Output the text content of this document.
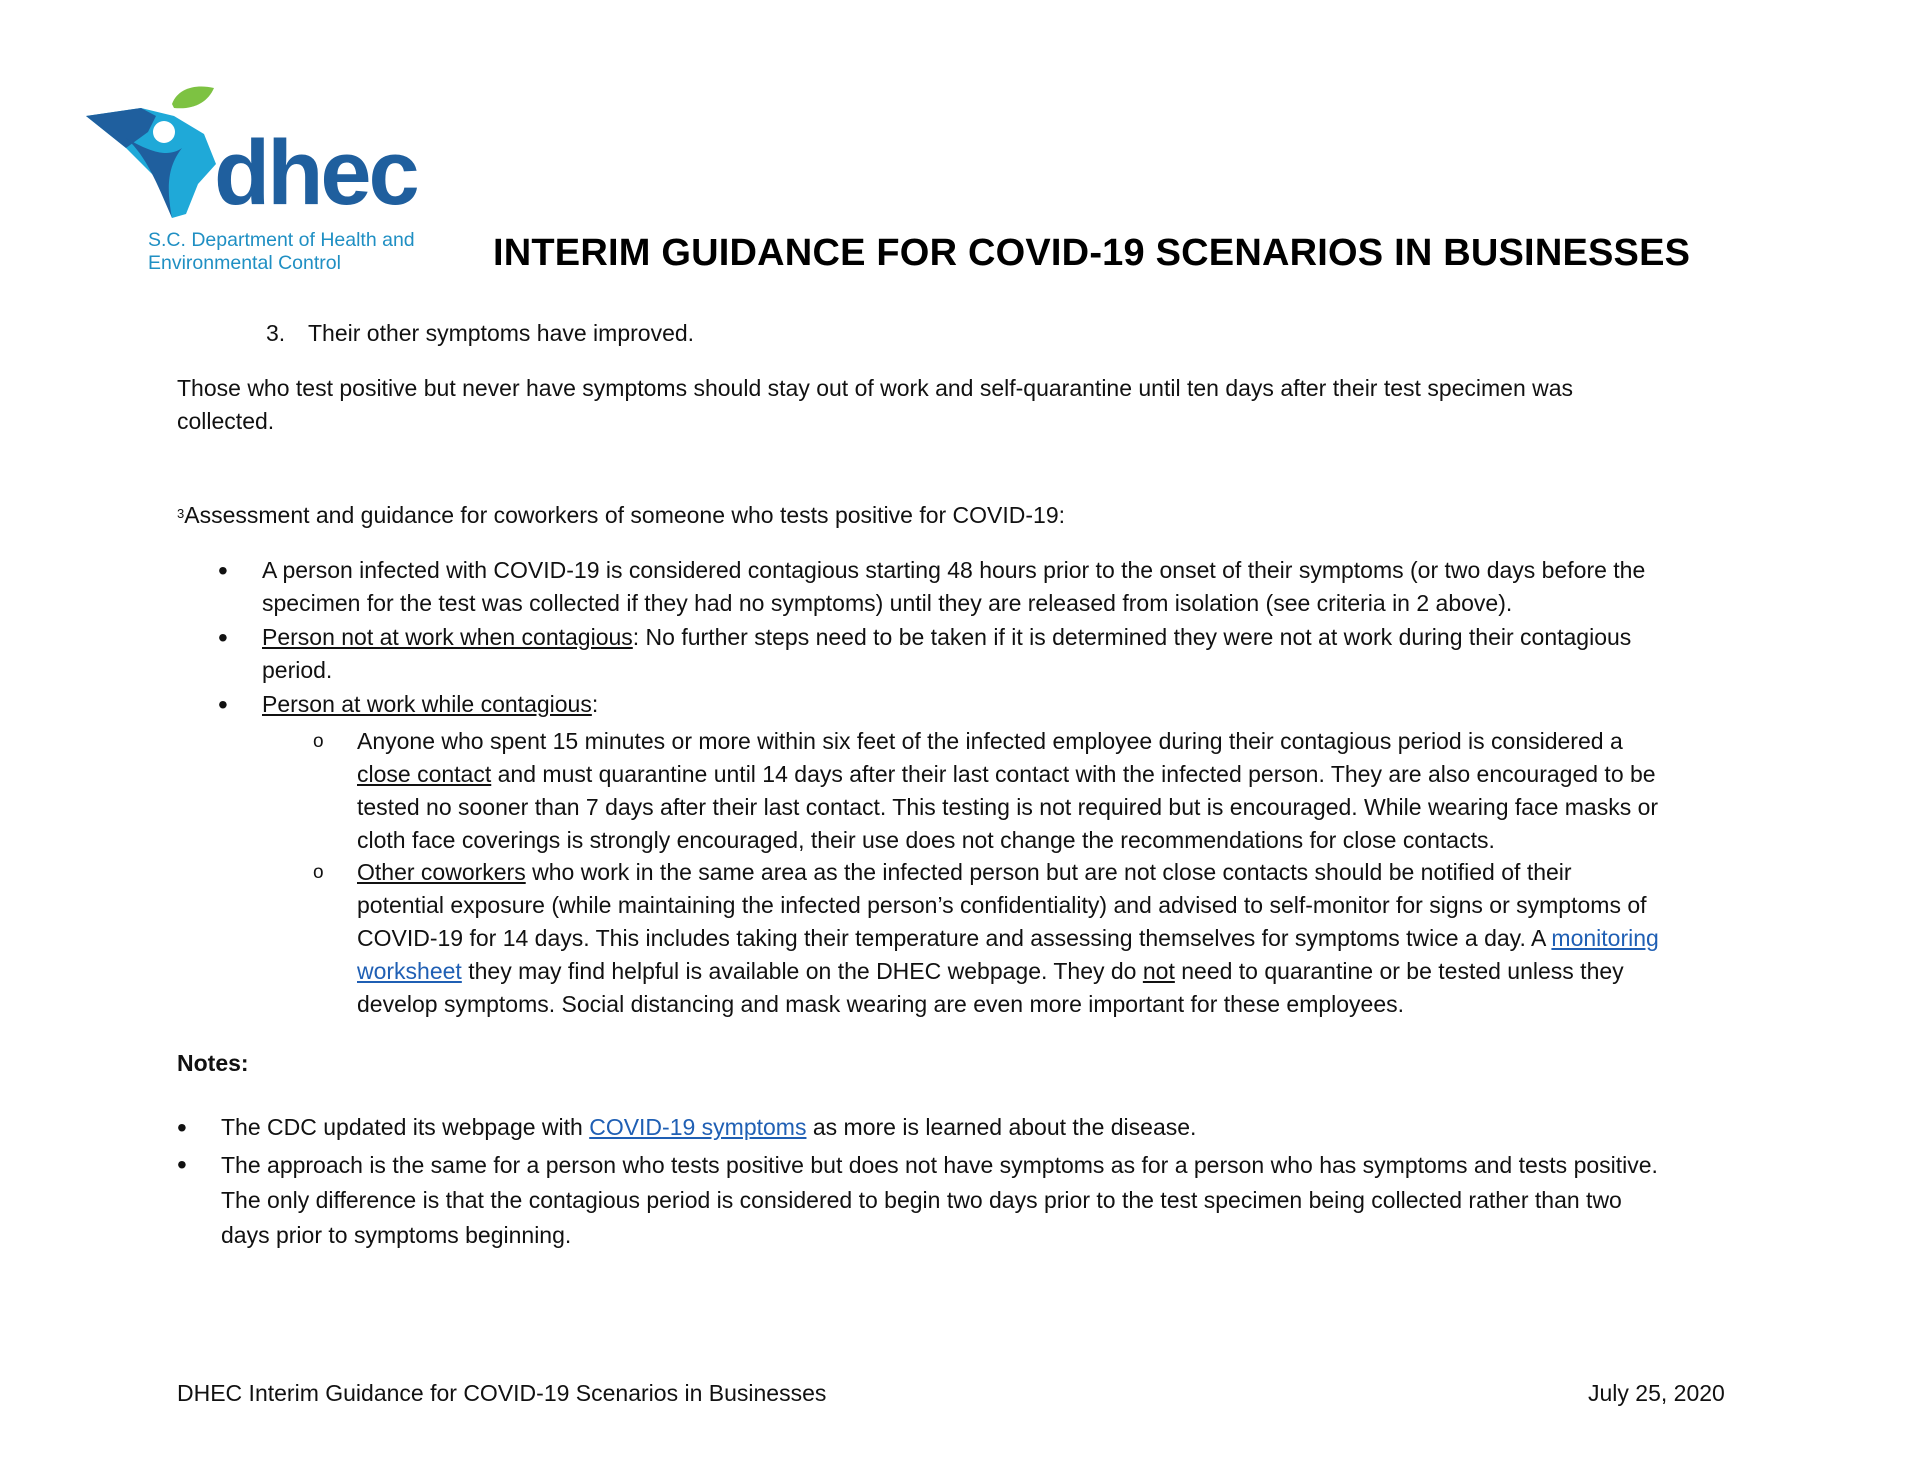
dhec
S.C. Department of Health and
Environmental Control	INTERIM GUIDANCE FOR COVID-19 SCENARIOS IN BUSINESSES
3. Their other symptoms have improved.
Those who test positive but never have symptoms should stay out of work and self-quarantine until ten days after their test specimen was
collected.
$^3$Assessment and guidance for coworkers of someone who tests positive for COVID-19:
•
A person infected with COVID-19 is considered contagious starting 48 hours prior to the onset of their symptoms (or two days before the
specimen for the test was collected if they had no symptoms) until they are released from isolation (see criteria in 2 above).
•
Person not at work when contagious: No further steps need to be taken if it is determined they were not at work during their contagious
period.
•
Person at work while contagious:
o	Anyone who spent 15 minutes or more within six feet of the infected employee during their contagious period is considered a
close contact and must quarantine until 14 days after their last contact with the infected person. They are also encouraged to be
tested no sooner than 7 days after their last contact. This testing is not required but is encouraged. While wearing face masks or
cloth face coverings is strongly encouraged, their use does not change the recommendations for close contacts.
o	Other coworkers who work in the same area as the infected person but are not close contacts should be notified of their
potential exposure (while maintaining the infected person’s confidentiality) and advised to self-monitor for signs or symptoms of
COVID-19 for 14 days. This includes taking their temperature and assessing themselves for symptoms twice a day. A monitoring
worksheet they may find helpful is available on the DHEC webpage. They do not need to quarantine or be tested unless they
develop symptoms. Social distancing and mask wearing are even more important for these employees.
Notes:
•
The CDC updated its webpage with COVID-19 symptoms as more is learned about the disease.
•
The approach is the same for a person who tests positive but does not have symptoms as for a person who has symptoms and tests positive.
The only difference is that the contagious period is considered to begin two days prior to the test specimen being collected rather than two
days prior to symptoms beginning.
DHEC Interim Guidance for COVID-19 Scenarios in Businesses	July 25, 2020
